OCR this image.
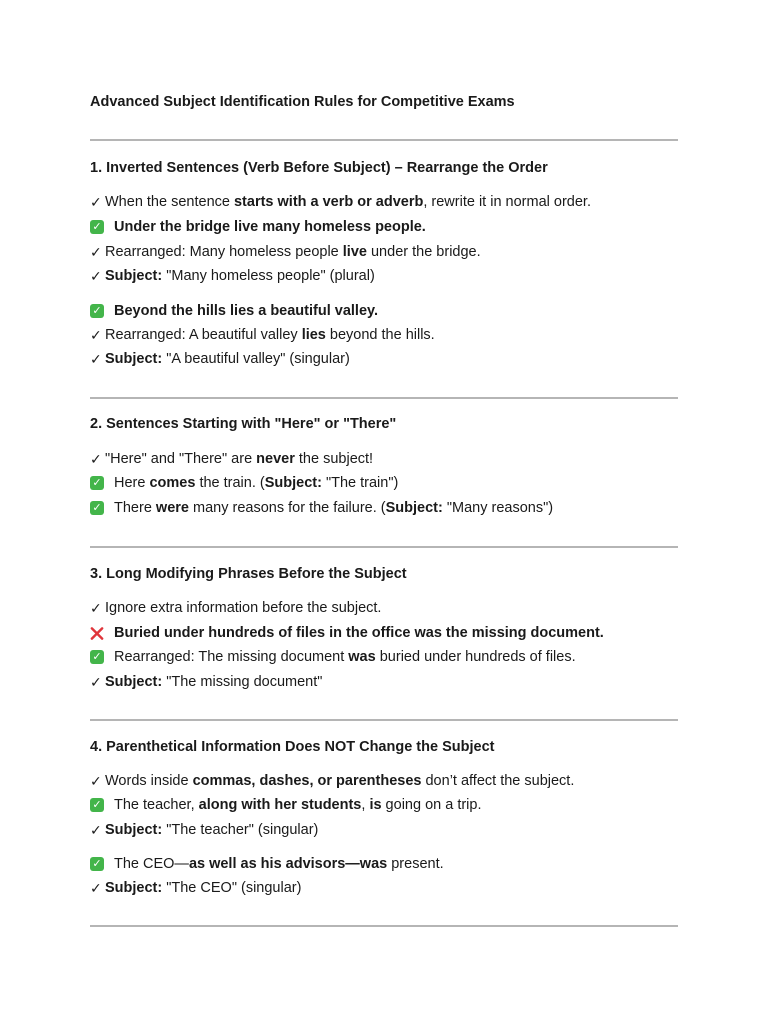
Advanced Subject Identification Rules for Competitive Exams
1. Inverted Sentences (Verb Before Subject) – Rearrange the Order
✓ When the sentence starts with a verb or adverb, rewrite it in normal order.
✓ Under the bridge live many homeless people.
✓ Rearranged: Many homeless people live under the bridge.
✓ Subject: "Many homeless people" (plural)
✓ Beyond the hills lies a beautiful valley.
✓ Rearranged: A beautiful valley lies beyond the hills.
✓ Subject: "A beautiful valley" (singular)
2. Sentences Starting with "Here" or "There"
✓ "Here" and "There" are never the subject!
✓ Here comes the train. (Subject: "The train")
✓ There were many reasons for the failure. (Subject: "Many reasons")
3. Long Modifying Phrases Before the Subject
✓ Ignore extra information before the subject.
Buried under hundreds of files in the office was the missing document.
✓ Rearranged: The missing document was buried under hundreds of files.
✓ Subject: "The missing document"
4. Parenthetical Information Does NOT Change the Subject
✓ Words inside commas, dashes, or parentheses don’t affect the subject.
✓ The teacher, along with her students, is going on a trip.
✓ Subject: "The teacher" (singular)
✓ The CEO—as well as his advisors—was present.
✓ Subject: "The CEO" (singular)
